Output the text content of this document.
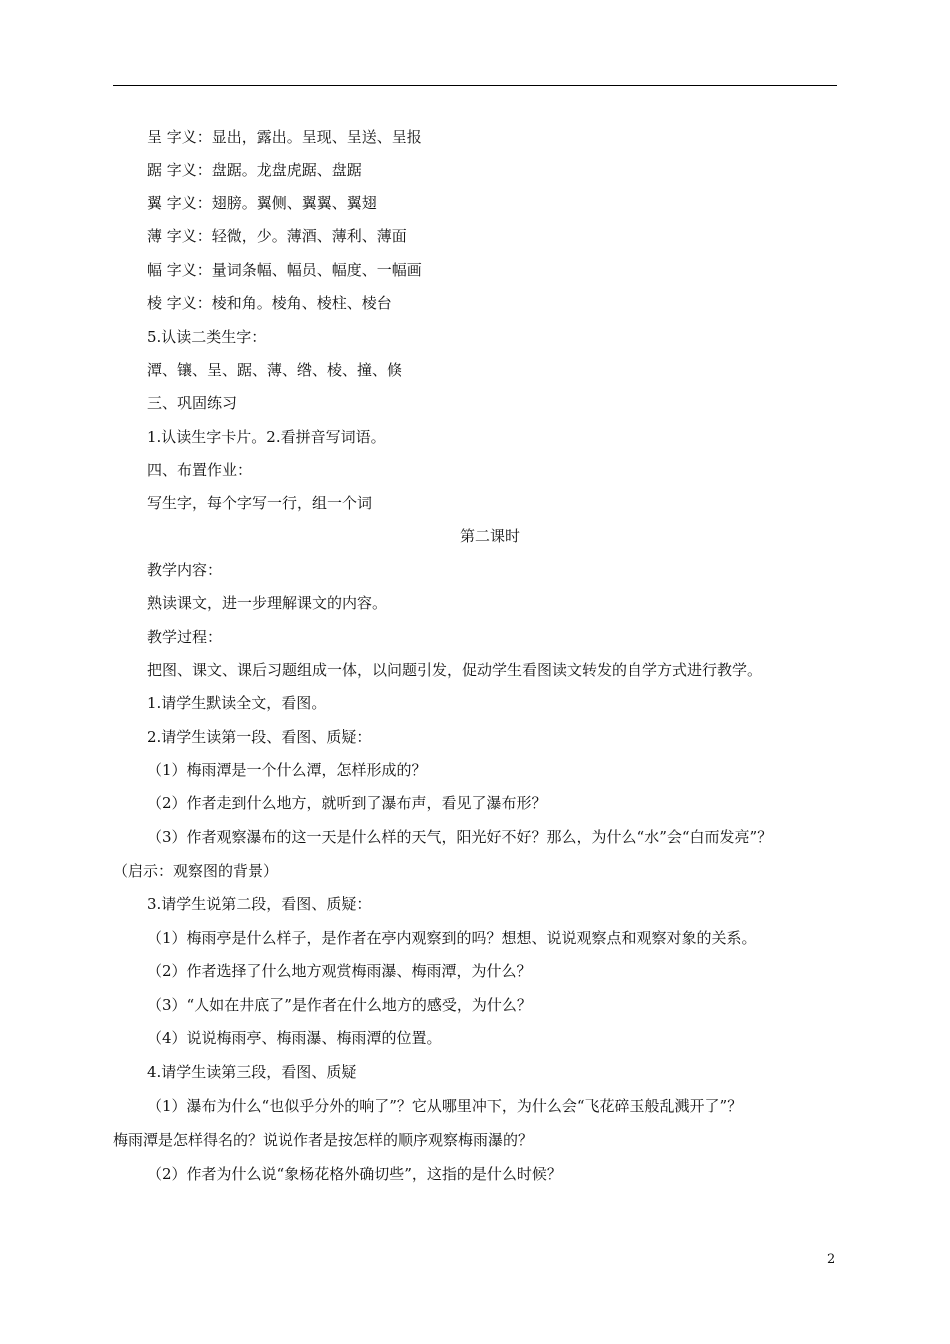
呈 字义：显出，露出。呈现、呈送、呈报
踞 字义：盘踞。龙盘虎踞、盘踞
翼 字义：翅膀。翼侧、翼翼、翼翅
薄 字义：轻微，少。薄酒、薄利、薄面
幅 字义：量词条幅、幅员、幅度、一幅画
棱 字义：棱和角。棱角、棱柱、棱台
5.认读二类生字：
潭、镶、呈、踞、薄、绺、棱、撞、倏
三、巩固练习
1.认读生字卡片。2.看拼音写词语。
四、布置作业：
写生字，每个字写一行，组一个词
第二课时
教学内容：
熟读课文，进一步理解课文的内容。
教学过程：
把图、课文、课后习题组成一体，以问题引发，促动学生看图读文转发的自学方式进行教学。
1.请学生默读全文，看图。
2.请学生读第一段、看图、质疑：
（1）梅雨潭是一个什么潭，怎样形成的？
（2）作者走到什么地方，就听到了瀑布声，看见了瀑布形？
（3）作者观察瀑布的这一天是什么样的天气，阳光好不好？那么，为什么“水”会“白而发亮”？
（启示：观察图的背景）
3.请学生说第二段，看图、质疑：
（1）梅雨亭是什么样子，是作者在亭内观察到的吗？想想、说说观察点和观察对象的关系。
（2）作者选择了什么地方观赏梅雨瀑、梅雨潭，为什么？
（3）“人如在井底了”是作者在什么地方的感受，为什么？
（4）说说梅雨亭、梅雨瀑、梅雨潭的位置。
4.请学生读第三段，看图、质疑
（1）瀑布为什么“也似乎分外的响了”？它从哪里冲下，为什么会“飞花碎玉般乱溅开了”？
梅雨潭是怎样得名的？说说作者是按怎样的顺序观察梅雨瀑的？
（2）作者为什么说“象杨花格外确切些”，这指的是什么时候？
2
